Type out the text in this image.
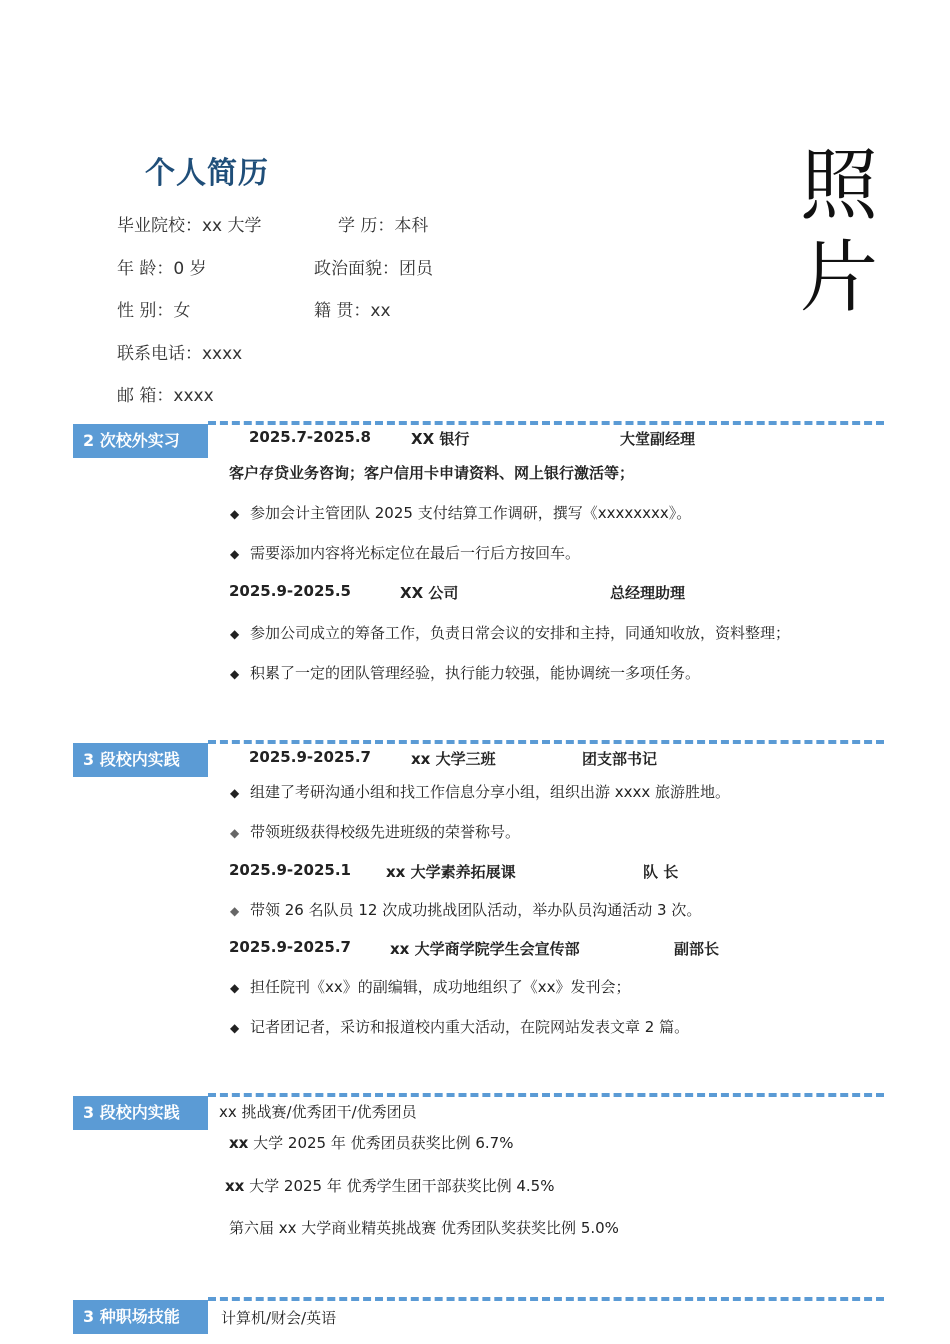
个人简历	照
片
毕业院校：xx 大学	学 历：本科
年 龄：0 岁	政治面貌：团员
性 别：女	籍 贯：xx
联系电话：xxxx
邮 箱：xxxx
2 次校外实习	2025.7-2025.8	XX 银行	大堂副经理
客户存贷业务咨询；客户信用卡申请资料、网上银行激活等；
◆ 参加会计主管团队 2025 支付结算工作调研，撰写《xxxxxxxx》。
◆ 需要添加内容将光标定位在最后一行后方按回车。
2025.9-2025.5	XX 公司	总经理助理
◆ 参加公司成立的筹备工作，负责日常会议的安排和主持，同通知收放，资料整理；
◆ 积累了一定的团队管理经验，执行能力较强，能协调统一多项任务。
3 段校内实践	2025.9-2025.7	xx 大学三班	团支部书记
◆ 组建了考研沟通小组和找工作信息分享小组，组织出游 xxxx 旅游胜地。
◆ 带领班级获得校级先进班级的荣誉称号。
2025.9-2025.1 xx 大学素养拓展课	队 长
◆ 带领 26 名队员 12 次成功挑战团队活动，举办队员沟通活动 3 次。
2025.9-2025.7	xx 大学商学院学生会宣传部	副部长
◆ 担任院刊《xx》的副编辑，成功地组织了《xx》发刊会；
◆ 记者团记者，采访和报道校内重大活动，在院网站发表文章 2 篇。
3 段校内实践	xx 挑战赛/优秀团干/优秀团员
xx 大学 2025 年 优秀团员获奖比例 6.7%
xx 大学 2025 年 优秀学生团干部获奖比例 4.5%
第六届 xx 大学商业精英挑战赛 优秀团队奖获奖比例 5.0%
3 种职场技能	计算机/财会/英语
